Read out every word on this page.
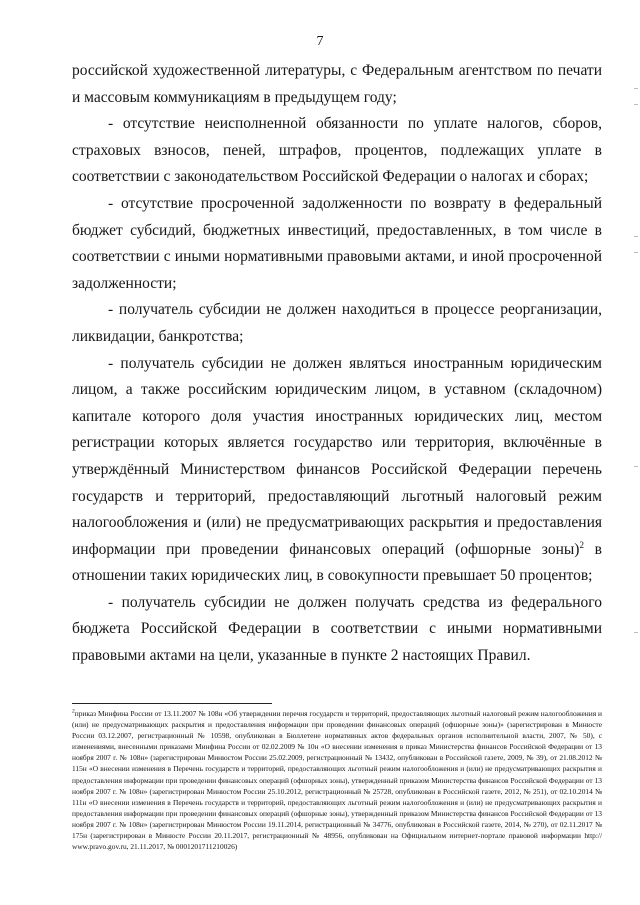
7

российской художественной литературы, с Федеральным агентством по печати и массовым коммуникациям в предыдущем году;

- отсутствие неисполненной обязанности по уплате налогов, сборов, страховых взносов, пеней, штрафов, процентов, подлежащих уплате в соответствии с законодательством Российской Федерации о налогах и сборах;

- отсутствие просроченной задолженности по возврату в федеральный бюджет субсидий, бюджетных инвестиций, предоставленных, в том числе в соответствии с иными нормативными правовыми актами, и иной просроченной задолженности;

- получатель субсидии не должен находиться в процессе реорганизации, ликвидации, банкротства;

- получатель субсидии не должен являться иностранным юридическим лицом, а также российским юридическим лицом, в уставном (складочном) капитале которого доля участия иностранных юридических лиц, местом регистрации которых является государство или территория, включённые в утверждённый Министерством финансов Российской Федерации перечень государств и территорий, предоставляющий льготный налоговый режим налогообложения и (или) не предусматривающих раскрытия и предоставления информации при проведении финансовых операций (офшорные зоны)$^2$ в отношении таких юридических лиц, в совокупности превышает 50 процентов;

- получатель субсидии не должен получать средства из федерального бюджета Российской Федерации в соответствии с иными нормативными правовыми актами на цели, указанные в пункте 2 настоящих Правил.

$^2$приказ Минфина России от 13.11.2007 № 108н «Об утверждении перечня государств и территорий, предоставляющих льготный налоговый режим налогообложения и (или) не предусматривающих раскрытия и предоставления информации при проведении финансовых операций (офшорные зоны)» (зарегистрирован в Минюсте России 03.12.2007, регистрационный № 10598, опубликован в Бюллетене нормативных актов федеральных органов исполнительной власти, 2007, № 50), с изменениями, внесенными приказами Минфина России от 02.02.2009 № 10н «О внесении изменения в приказ Министерства финансов Российской Федерации от 13 ноября 2007 г. № 108н» (зарегистрирован Минюстом России 25.02.2009, регистрационный № 13432, опубликован в Российской газете, 2009, № 39), от 21.08.2012 № 115н «О внесении изменения в Перечень государств и территорий, предоставляющих льготный режим налогообложения и (или) не предусматривающих раскрытия и предоставления информации при проведении финансовых операций (офшорных зоны), утвержденный приказом Министерства финансов Российской Федерации от 13 ноября 2007 г. № 108н» (зарегистрирован Минюстом России 25.10.2012, регистрационный № 25728, опубликован в Российской газете, 2012, № 251), от 02.10.2014 № 111н «О внесении изменения в Перечень государств и территорий, предоставляющих льготный режим налогообложения и (или) не предусматривающих раскрытия и предоставления информации при проведении финансовых операций (офшорные зоны), утвержденный приказом Министерства финансов Российской Федерации от 13 ноября 2007 г. № 108н» (зарегистрирован Минюстом России 19.11.2014, регистрационный № 34776, опубликован в Российской газете, 2014, № 270), от 02.11.2017 № 175н (зарегистрирован в Минюсте России 20.11.2017, регистрационный № 48956, опубликован на Официальном интернет-портале правовой информации http:// www.pravo.gov.ru, 21.11.2017, № 0001201711210026)
